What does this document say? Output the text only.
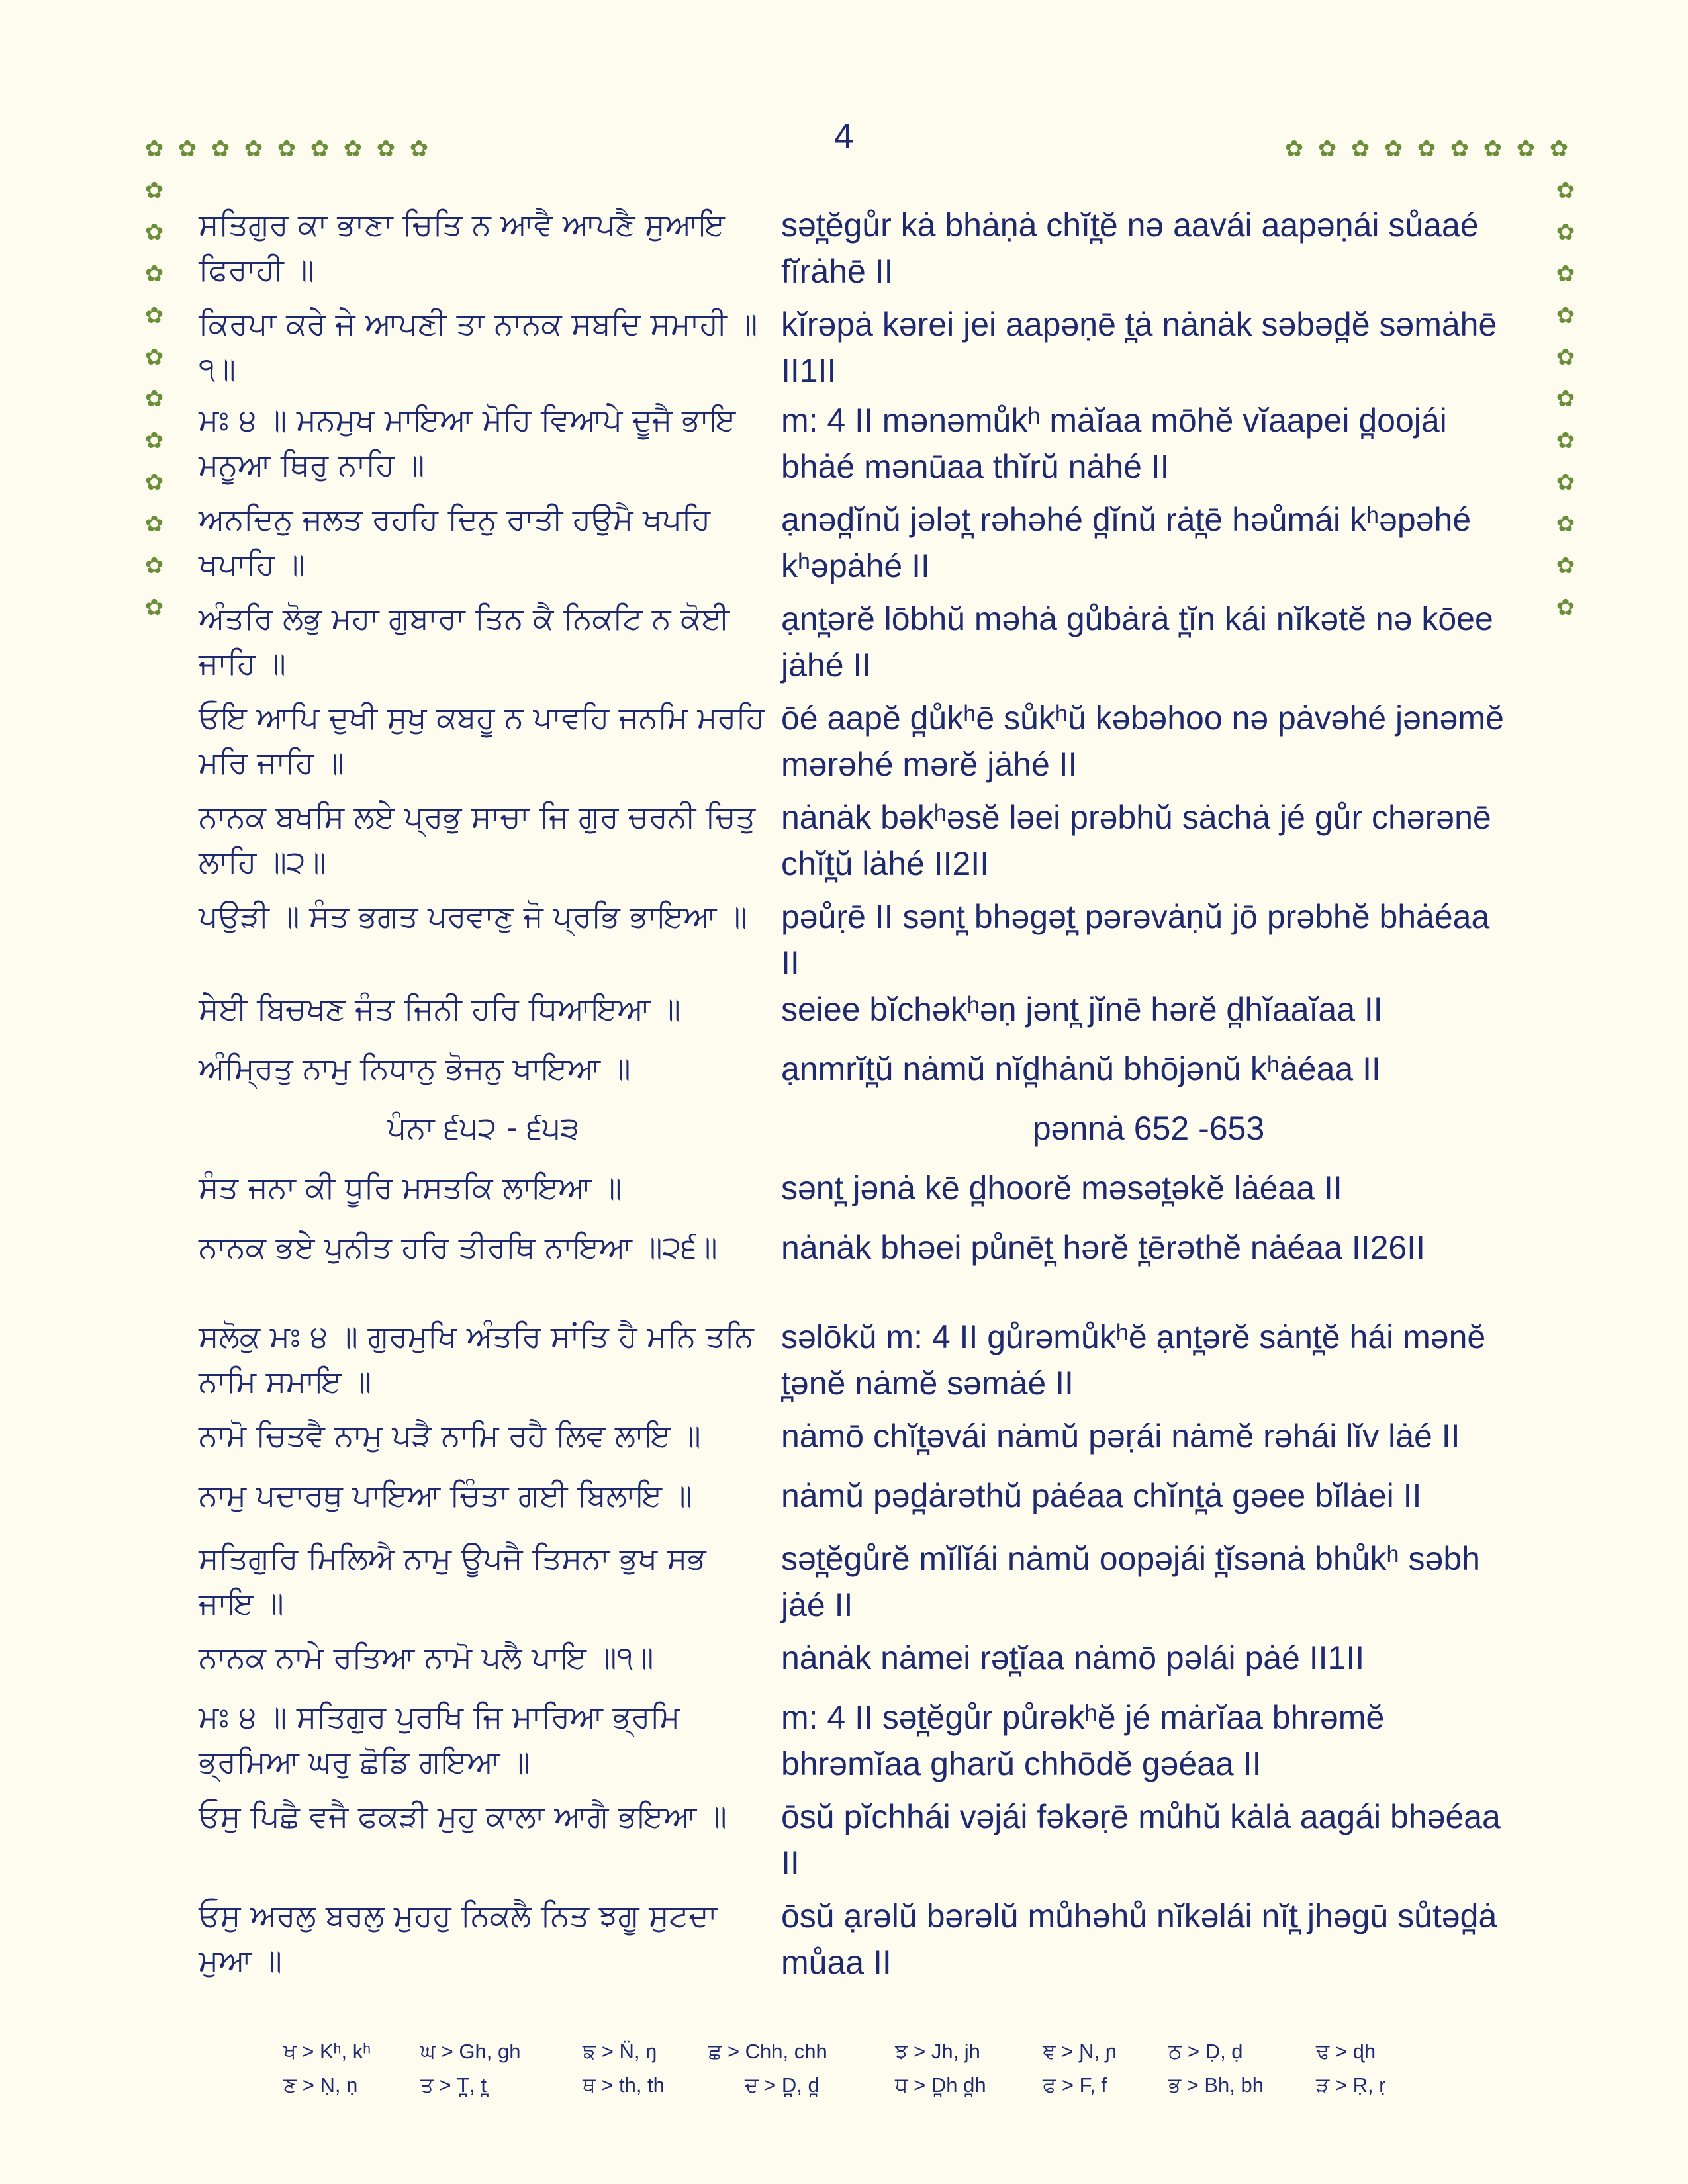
4
✿ ✿ ✿ ✿ ✿ ✿ ✿ ✿ ✿	✿ ✿ ✿ ✿ ✿ ✿ ✿ ✿ ✿
✿
✿
✿
✿
✿
✿
✿
✿
✿
✿
✿
✿
✿
✿
✿
✿
✿
✿
✿
✿
✿
✿
ਸਤਿਗੁਰ ਕਾ ਭਾਣਾ ਚਿਤਿ ਨ ਆਵੈ ਆਪਣੈ ਸੁਆਇ ਫਿਰਾਹੀ ॥
sət̪ĕgůr kȧ bhȧṇȧ chĭt̪ĕ nə aavái aapəṇái sůaaé fĭrȧhē II
ਕਿਰਪਾ ਕਰੇ ਜੇ ਆਪਣੀ ਤਾ ਨਾਨਕ ਸਬਦਿ ਸਮਾਹੀ ॥੧॥
kĭrəpȧ kərei jei aapəṇē t̪ȧ nȧnȧk səbəd̪ĕ səmȧhē II1II
ਮਃ ੪ ॥ ਮਨਮੁਖ ਮਾਇਆ ਮੋਹਿ ਵਿਆਪੇ ਦੂਜੈ ਭਾਇ ਮਨੂਆ ਥਿਰੁ ਨਾਹਿ ॥
m: 4 II mənəmůkʰ mȧĭaa mōhĕ vĭaapei d̪oojái bhȧé mənūaa thĭrŭ nȧhé II
ਅਨਦਿਨੁ ਜਲਤ ਰਹਹਿ ਦਿਨੁ ਰਾਤੀ ਹਉਮੈ ਖਪਹਿ ਖਪਾਹਿ ॥
ạnəd̪ĭnŭ jələt̪ rəhəhé d̪ĭnŭ rȧt̪ē həůmái kʰəpəhé kʰəpȧhé II
ਅੰਤਰਿ ਲੋਭੁ ਮਹਾ ਗੁਬਾਰਾ ਤਿਨ ਕੈ ਨਿਕਟਿ ਨ ਕੋਈ ਜਾਹਿ ॥
ạnt̪ərĕ lōbhŭ məhȧ gůbȧrȧ t̪ĭn kái nĭkətĕ nə kōee jȧhé II
ਓਇ ਆਪਿ ਦੁਖੀ ਸੁਖੁ ਕਬਹੂ ਨ ਪਾਵਹਿ ਜਨਮਿ ਮਰਹਿ ਮਰਿ ਜਾਹਿ ॥
ōé aapĕ d̪ůkʰē sůkʰŭ kəbəhoo nə pȧvəhé jənəmĕ mərəhé mərĕ jȧhé II
ਨਾਨਕ ਬਖਸਿ ਲਏ ਪ੍ਰਭੁ ਸਾਚਾ ਜਿ ਗੁਰ ਚਰਨੀ ਚਿਤੁ ਲਾਹਿ ॥੨॥
nȧnȧk bəkʰəsĕ ləei prəbhŭ sȧchȧ jé gůr chərənē chĭt̪ŭ lȧhé II2II
ਪਉੜੀ ॥ ਸੰਤ ਭਗਤ ਪਰਵਾਣੁ ਜੋ ਪ੍ਰਭਿ ਭਾਇਆ ॥	pəůṛē II sənt̪ bhəgət̪ pərəvȧṇŭ jō prəbhĕ bhȧéaa II
ਸੇਈ ਬਿਚਖਣ ਜੰਤ ਜਿਨੀ ਹਰਿ ਧਿਆਇਆ ॥	seiee bĭchəkʰəṇ jənt̪ jĭnē hərĕ d̪hĭaaĭaa II
ਅੰਮ੍ਰਿਤੁ ਨਾਮੁ ਨਿਧਾਨੁ ਭੋਜਨੁ ਖਾਇਆ ॥	ạnmrĭt̪ŭ nȧmŭ nĭd̪hȧnŭ bhōjənŭ kʰȧéaa II
ਪੰਨਾ ੬੫੨ - ੬੫੩	pənnȧ 652 -653
ਸੰਤ ਜਨਾ ਕੀ ਧੂਰਿ ਮਸਤਕਿ ਲਾਇਆ ॥	sənt̪ jənȧ kē d̪hoorĕ məsət̪əkĕ lȧéaa II
ਨਾਨਕ ਭਏ ਪੁਨੀਤ ਹਰਿ ਤੀਰਥਿ ਨਾਇਆ ॥੨੬॥	nȧnȧk bhəei půnēt̪ hərĕ t̪ērəthĕ nȧéaa II26II
ਸਲੋਕੁ ਮਃ ੪ ॥ ਗੁਰਮੁਖਿ ਅੰਤਰਿ ਸਾਂਤਿ ਹੈ ਮਨਿ ਤਨਿ ਨਾਮਿ ਸਮਾਇ ॥
səlōkŭ m: 4 II gůrəmůkʰĕ ạnt̪ərĕ sȧnt̪ĕ hái mənĕ t̪ənĕ nȧmĕ səmȧé II
ਨਾਮੋ ਚਿਤਵੈ ਨਾਮੁ ਪੜੈ ਨਾਮਿ ਰਹੈ ਲਿਵ ਲਾਇ ॥	nȧmō chĭt̪əvái nȧmŭ pəṛái nȧmĕ rəhái lĭv lȧé II
ਨਾਮੁ ਪਦਾਰਥੁ ਪਾਇਆ ਚਿੰਤਾ ਗਈ ਬਿਲਾਇ ॥	nȧmŭ pəd̪ȧrəthŭ pȧéaa chĭnt̪ȧ gəee bĭlȧei II
ਸਤਿਗੁਰਿ ਮਿਲਿਐ ਨਾਮੁ ਊਪਜੈ ਤਿਸਨਾ ਭੁਖ ਸਭ ਜਾਇ ॥
sət̪ĕgůrĕ mĭlĭái nȧmŭ oopəjái t̪ĭsənȧ bhůkʰ səbh jȧé II
ਨਾਨਕ ਨਾਮੇ ਰਤਿਆ ਨਾਮੋ ਪਲੈ ਪਾਇ ॥੧॥	nȧnȧk nȧmei rət̪ĭaa nȧmō pəlái pȧé II1II
ਮਃ ੪ ॥ ਸਤਿਗੁਰ ਪੁਰਖਿ ਜਿ ਮਾਰਿਆ ਭ੍ਰਮਿ ਭ੍ਰਮਿਆ ਘਰੁ ਛੋਡਿ ਗਇਆ ॥
m: 4 II sət̪ĕgůr půrəkʰĕ jé mȧrĭaa bhrəmĕ bhrəmĭaa gharŭ chhōdĕ gəéaa II
ਓਸੁ ਪਿਛੈ ਵਜੈ ਫਕੜੀ ਮੁਹੁ ਕਾਲਾ ਆਗੈ ਭਇਆ ॥	ōsŭ pĭchhái vəjái fəkəṛē můhŭ kȧlȧ aagái bhəéaa II
ਓਸੁ ਅਰਲੁ ਬਰਲੁ ਮੁਹਹੁ ਨਿਕਲੈ ਨਿਤ ਝਗੂ ਸੁਟਦਾ ਮੁਆ ॥
ōsŭ ạrəlŭ bərəlŭ můhəhů nĭkəlái nĭt̪ jhəgū sůtəd̪ȧ můaa II
ਖ > Kʰ, kʰ ਘ > Gh, gh	ਙ > N̈, ŋ	ਛ > Chh, chh	ਝ > Jh, jh	ਞ > Ɲ, ɲ	ਠ > Ḍ, ḍ	ਢ > ɖh
ਣ > Ṇ, ṇ	ਤ > T̪, t̪	ਥ > th, th	ਦ > D̪, d̪	ਧ > D̪h d̪h	ਫ > F, f	ਭ > Bh, bh	ੜ > Ṛ, ṛ
